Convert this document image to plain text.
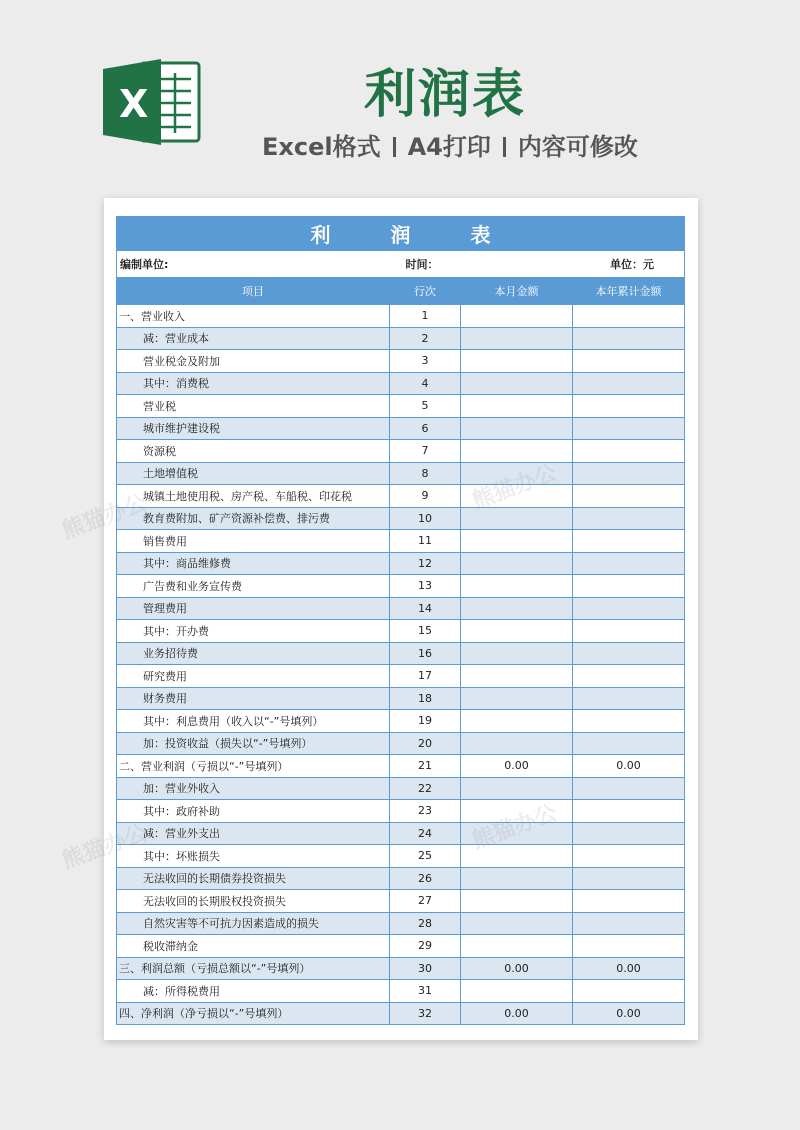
X	利润表
Excel格式 A4打印 内容可修改
利 润 表			
编制单位:	时间：		单位：元
项目	行次	本月金额	本年累计金额
一、营业收入	1		
减：营业成本	2		
营业税金及附加	3		
其中：消费税	4		
营业税	5		
城市维护建设税	6		
资源税	7		
土地增值税	8		
城镇土地使用税、房产税、车船税、印花税	9		
教育费附加、矿产资源补偿费、排污费	10		
销售费用	11		
其中：商品维修费	12		
广告费和业务宣传费	13		
管理费用	14		
其中：开办费	15		
业务招待费	16		
研究费用	17		
财务费用	18		
其中：利息费用（收入以“-”号填列）	19		
加：投资收益（损失以“-”号填列）	20		
二、营业利润（亏损以“-”号填列）	21	0.00	0.00
加：营业外收入	22		
其中：政府补助	23		
减：营业外支出	24		
其中：坏账损失	25		
无法收回的长期债券投资损失	26		
无法收回的长期股权投资损失	27		
自然灾害等不可抗力因素造成的损失	28		
税收滞纳金	29		
三、利润总额（亏损总额以“-”号填列）	30	0.00	0.00
减：所得税费用	31		
四、净利润（净亏损以“-”号填列）	32	0.00	0.00
